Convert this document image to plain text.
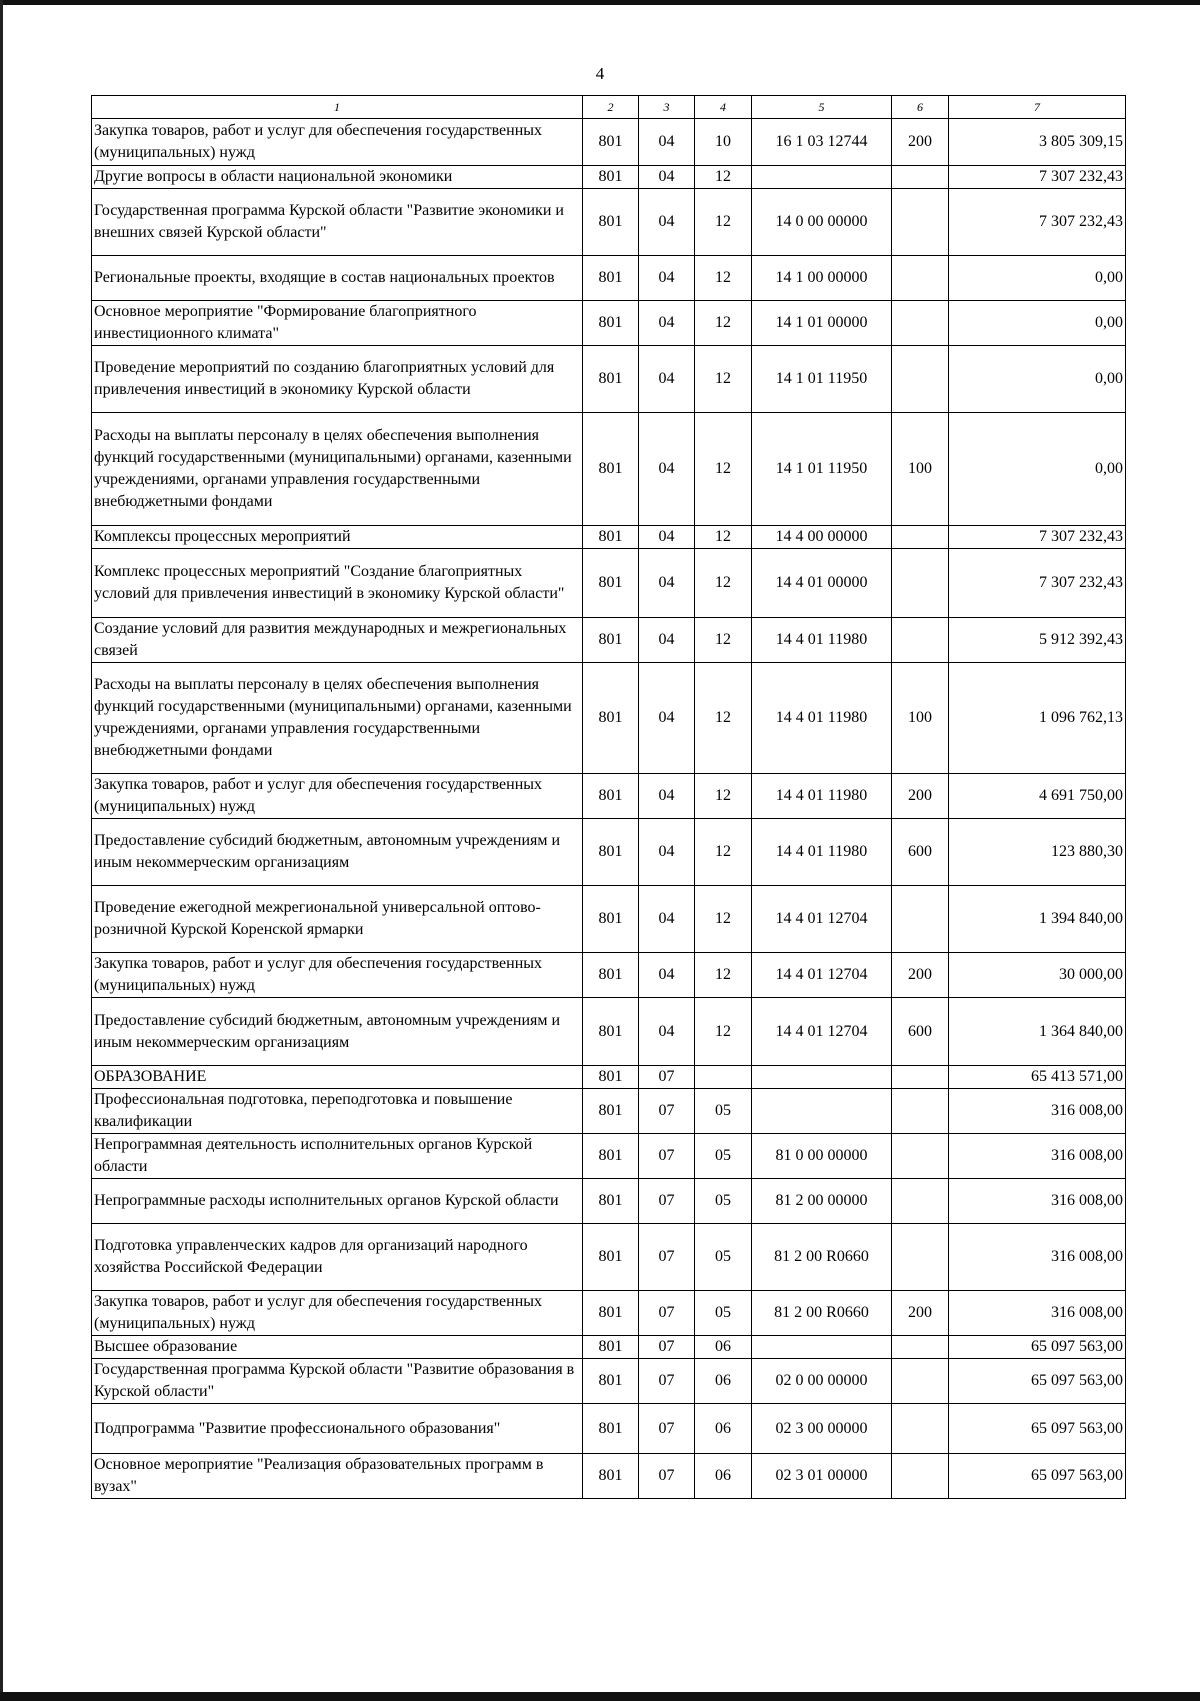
4
1	2	3	4	5	6	7
Закупка товаров, работ и услуг для обеспечения государственных (муниципальных) нужд	801	04	10	16 1 03 12744	200	3 805 309,15
Другие вопросы в области национальной экономики	801	04	12			7 307 232,43
Государственная программа Курской области "Развитие экономики и внешних связей Курской области"	801	04	12	14 0 00 00000		7 307 232,43
Региональные проекты, входящие в состав национальных проектов	801	04	12	14 1 00 00000		0,00
Основное мероприятие "Формирование благоприятного инвестиционного климата"	801	04	12	14 1 01 00000		0,00
Проведение мероприятий по созданию благоприятных условий для привлечения инвестиций в экономику Курской области	801	04	12	14 1 01 11950		0,00
Расходы на выплаты персоналу в целях обеспечения выполнения функций государственными (муниципальными) органами, казенными учреждениями, органами управления государственными внебюджетными фондами	801	04	12	14 1 01 11950	100	0,00
Комплексы процессных мероприятий	801	04	12	14 4 00 00000		7 307 232,43
Комплекс процессных мероприятий "Создание благоприятных условий для привлечения инвестиций в экономику Курской области"	801	04	12	14 4 01 00000		7 307 232,43
Создание условий для развития международных и межрегиональных связей	801	04	12	14 4 01 11980		5 912 392,43
Расходы на выплаты персоналу в целях обеспечения выполнения функций государственными (муниципальными) органами, казенными учреждениями, органами управления государственными внебюджетными фондами	801	04	12	14 4 01 11980	100	1 096 762,13
Закупка товаров, работ и услуг для обеспечения государственных (муниципальных) нужд	801	04	12	14 4 01 11980	200	4 691 750,00
Предоставление субсидий бюджетным, автономным учреждениям и иным некоммерческим организациям	801	04	12	14 4 01 11980	600	123 880,30
Проведение ежегодной межрегиональной универсальной оптово-розничной Курской Коренской ярмарки	801	04	12	14 4 01 12704		1 394 840,00
Закупка товаров, работ и услуг для обеспечения государственных (муниципальных) нужд	801	04	12	14 4 01 12704	200	30 000,00
Предоставление субсидий бюджетным, автономным учреждениям и иным некоммерческим организациям	801	04	12	14 4 01 12704	600	1 364 840,00
ОБРАЗОВАНИЕ	801	07				65 413 571,00
Профессиональная подготовка, переподготовка и повышение квалификации	801	07	05			316 008,00
Непрограммная деятельность исполнительных органов Курской области	801	07	05	81 0 00 00000		316 008,00
Непрограммные расходы исполнительных органов Курской области	801	07	05	81 2 00 00000		316 008,00
Подготовка управленческих кадров для организаций народного хозяйства Российской Федерации	801	07	05	81 2 00 R0660		316 008,00
Закупка товаров, работ и услуг для обеспечения государственных (муниципальных) нужд	801	07	05	81 2 00 R0660	200	316 008,00
Высшее образование	801	07	06			65 097 563,00
Государственная программа Курской области "Развитие образования в Курской области"	801	07	06	02 0 00 00000		65 097 563,00
Подпрограмма "Развитие профессионального образования"	801	07	06	02 3 00 00000		65 097 563,00
Основное мероприятие "Реализация образовательных программ в вузах"	801	07	06	02 3 01 00000		65 097 563,00
